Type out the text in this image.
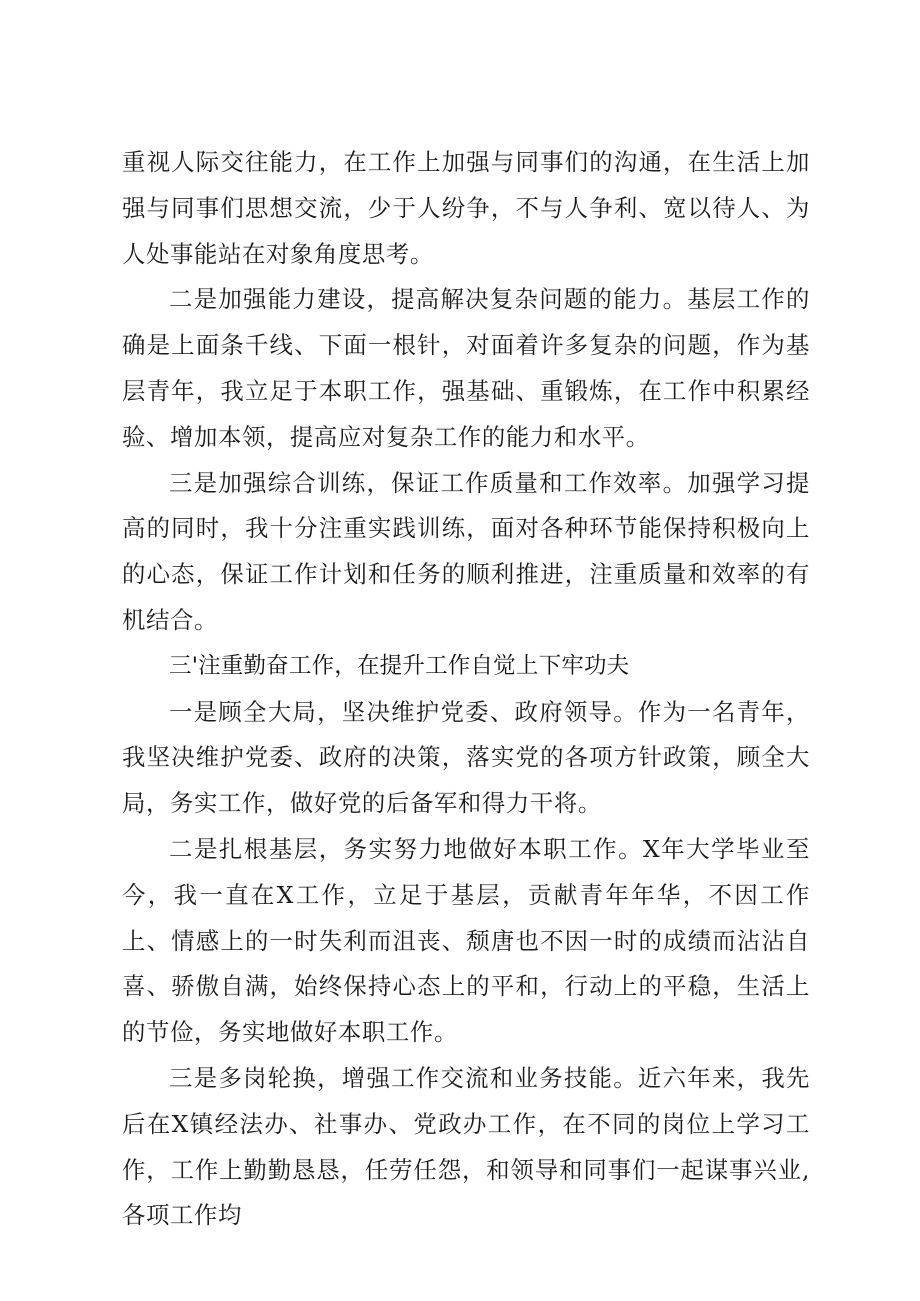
重视人际交往能力，在工作上加强与同事们的沟通，在生活上加强与同事们思想交流，少于人纷争，不与人争利、宽以待人、为人处事能站在对象角度思考。

二是加强能力建设，提高解决复杂问题的能力。基层工作的确是上面条千线、下面一根针，对面着许多复杂的问题，作为基层青年，我立足于本职工作，强基础、重锻炼，在工作中积累经验、增加本领，提高应对复杂工作的能力和水平。

三是加强综合训练，保证工作质量和工作效率。加强学习提高的同时，我十分注重实践训练，面对各种环节能保持积极向上的心态，保证工作计划和任务的顺利推进，注重质量和效率的有机结合。

三'注重勤奋工作，在提升工作自觉上下牢功夫

一是顾全大局，坚决维护党委、政府领导。作为一名青年，我坚决维护党委、政府的决策，落实党的各项方针政策，顾全大局，务实工作，做好党的后备军和得力干将。

二是扎根基层，务实努力地做好本职工作。X年大学毕业至今，我一直在X工作，立足于基层，贡献青年年华，不因工作上、情感上的一时失利而沮丧、颓唐也不因一时的成绩而沾沾自喜、骄傲自满，始终保持心态上的平和，行动上的平稳，生活上的节俭，务实地做好本职工作。

三是多岗轮换，增强工作交流和业务技能。近六年来，我先后在X镇经法办、社事办、党政办工作，在不同的岗位上学习工作，工作上勤勤恳恳，任劳任怨，和领导和同事们一起谋事兴业,各项工作均
